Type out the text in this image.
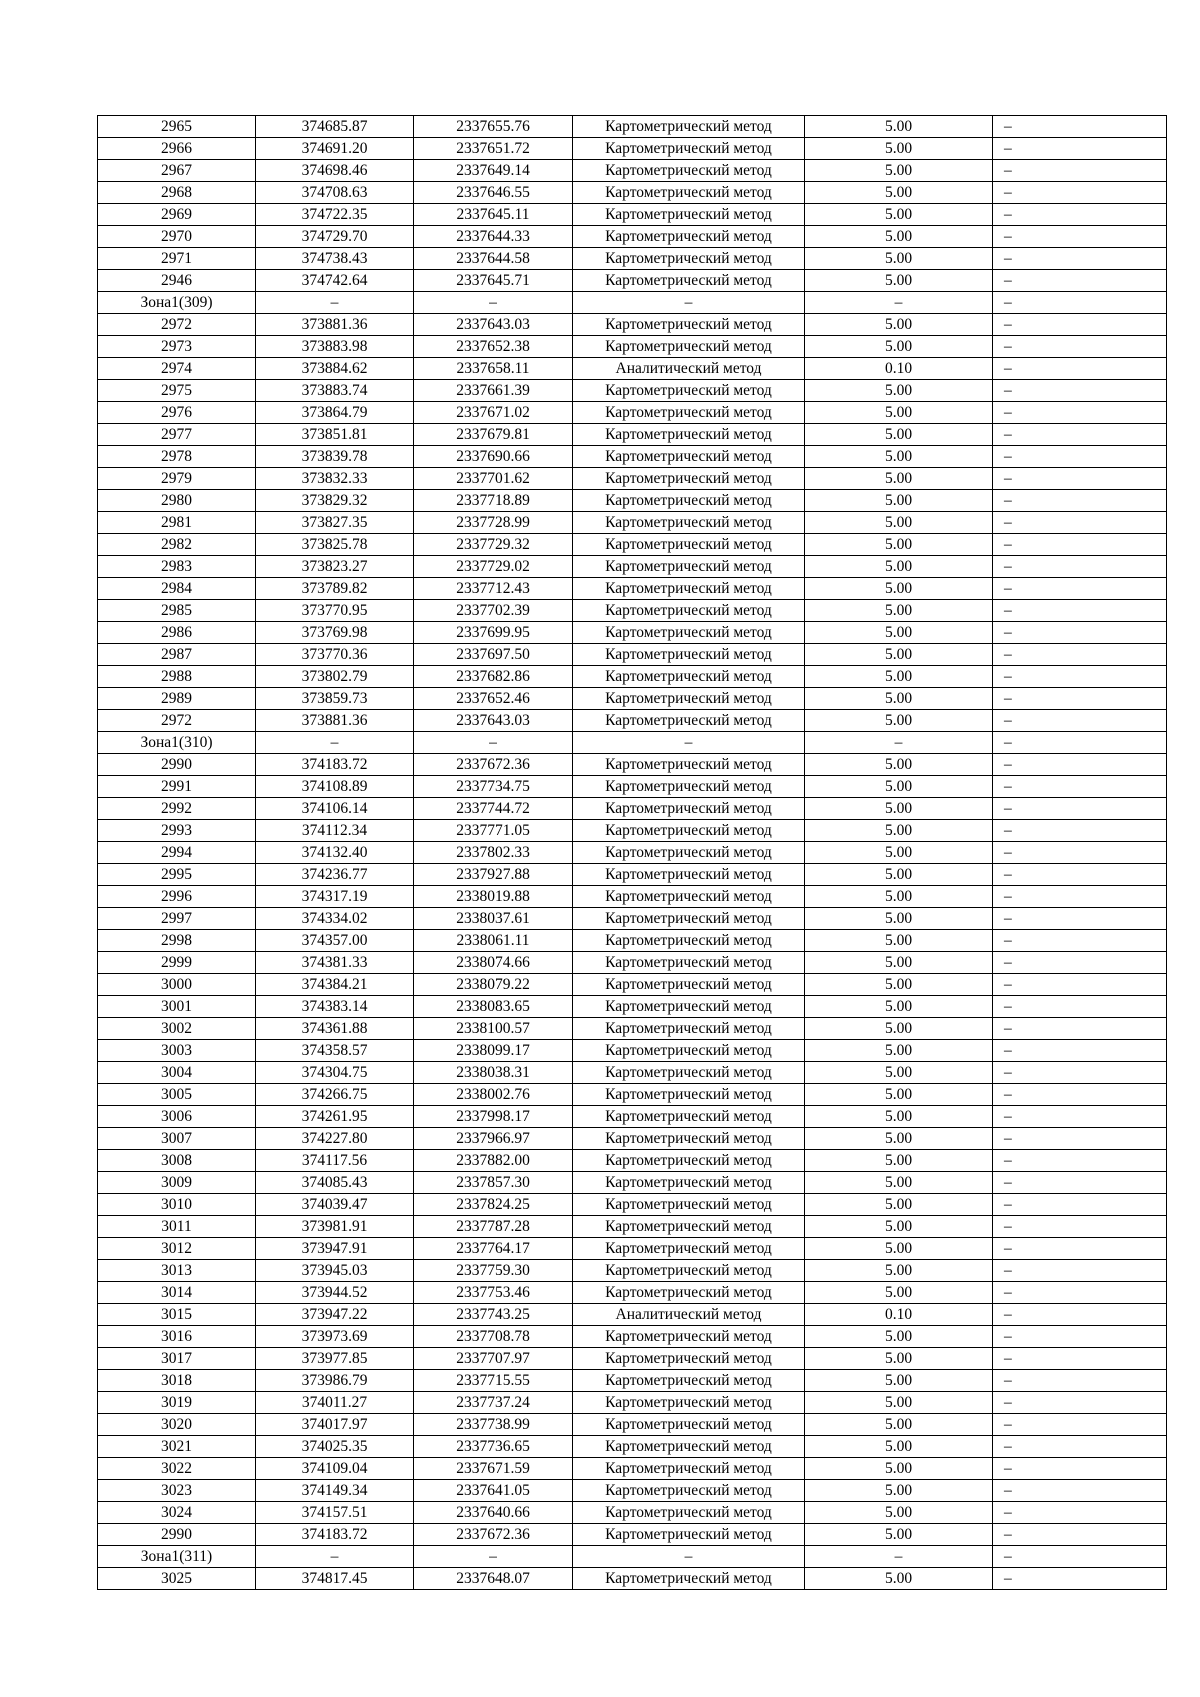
2965	374685.87	2337655.76	Картометрический метод	5.00	–
2966	374691.20	2337651.72	Картометрический метод	5.00	–
2967	374698.46	2337649.14	Картометрический метод	5.00	–
2968	374708.63	2337646.55	Картометрический метод	5.00	–
2969	374722.35	2337645.11	Картометрический метод	5.00	–
2970	374729.70	2337644.33	Картометрический метод	5.00	–
2971	374738.43	2337644.58	Картометрический метод	5.00	–
2946	374742.64	2337645.71	Картометрический метод	5.00	–
Зона1(309)	–	–	–	–	–
2972	373881.36	2337643.03	Картометрический метод	5.00	–
2973	373883.98	2337652.38	Картометрический метод	5.00	–
2974	373884.62	2337658.11	Аналитический метод	0.10	–
2975	373883.74	2337661.39	Картометрический метод	5.00	–
2976	373864.79	2337671.02	Картометрический метод	5.00	–
2977	373851.81	2337679.81	Картометрический метод	5.00	–
2978	373839.78	2337690.66	Картометрический метод	5.00	–
2979	373832.33	2337701.62	Картометрический метод	5.00	–
2980	373829.32	2337718.89	Картометрический метод	5.00	–
2981	373827.35	2337728.99	Картометрический метод	5.00	–
2982	373825.78	2337729.32	Картометрический метод	5.00	–
2983	373823.27	2337729.02	Картометрический метод	5.00	–
2984	373789.82	2337712.43	Картометрический метод	5.00	–
2985	373770.95	2337702.39	Картометрический метод	5.00	–
2986	373769.98	2337699.95	Картометрический метод	5.00	–
2987	373770.36	2337697.50	Картометрический метод	5.00	–
2988	373802.79	2337682.86	Картометрический метод	5.00	–
2989	373859.73	2337652.46	Картометрический метод	5.00	–
2972	373881.36	2337643.03	Картометрический метод	5.00	–
Зона1(310)	–	–	–	–	–
2990	374183.72	2337672.36	Картометрический метод	5.00	–
2991	374108.89	2337734.75	Картометрический метод	5.00	–
2992	374106.14	2337744.72	Картометрический метод	5.00	–
2993	374112.34	2337771.05	Картометрический метод	5.00	–
2994	374132.40	2337802.33	Картометрический метод	5.00	–
2995	374236.77	2337927.88	Картометрический метод	5.00	–
2996	374317.19	2338019.88	Картометрический метод	5.00	–
2997	374334.02	2338037.61	Картометрический метод	5.00	–
2998	374357.00	2338061.11	Картометрический метод	5.00	–
2999	374381.33	2338074.66	Картометрический метод	5.00	–
3000	374384.21	2338079.22	Картометрический метод	5.00	–
3001	374383.14	2338083.65	Картометрический метод	5.00	–
3002	374361.88	2338100.57	Картометрический метод	5.00	–
3003	374358.57	2338099.17	Картометрический метод	5.00	–
3004	374304.75	2338038.31	Картометрический метод	5.00	–
3005	374266.75	2338002.76	Картометрический метод	5.00	–
3006	374261.95	2337998.17	Картометрический метод	5.00	–
3007	374227.80	2337966.97	Картометрический метод	5.00	–
3008	374117.56	2337882.00	Картометрический метод	5.00	–
3009	374085.43	2337857.30	Картометрический метод	5.00	–
3010	374039.47	2337824.25	Картометрический метод	5.00	–
3011	373981.91	2337787.28	Картометрический метод	5.00	–
3012	373947.91	2337764.17	Картометрический метод	5.00	–
3013	373945.03	2337759.30	Картометрический метод	5.00	–
3014	373944.52	2337753.46	Картометрический метод	5.00	–
3015	373947.22	2337743.25	Аналитический метод	0.10	–
3016	373973.69	2337708.78	Картометрический метод	5.00	–
3017	373977.85	2337707.97	Картометрический метод	5.00	–
3018	373986.79	2337715.55	Картометрический метод	5.00	–
3019	374011.27	2337737.24	Картометрический метод	5.00	–
3020	374017.97	2337738.99	Картометрический метод	5.00	–
3021	374025.35	2337736.65	Картометрический метод	5.00	–
3022	374109.04	2337671.59	Картометрический метод	5.00	–
3023	374149.34	2337641.05	Картометрический метод	5.00	–
3024	374157.51	2337640.66	Картометрический метод	5.00	–
2990	374183.72	2337672.36	Картометрический метод	5.00	–
Зона1(311)	–	–	–	–	–
3025	374817.45	2337648.07	Картометрический метод	5.00	–
